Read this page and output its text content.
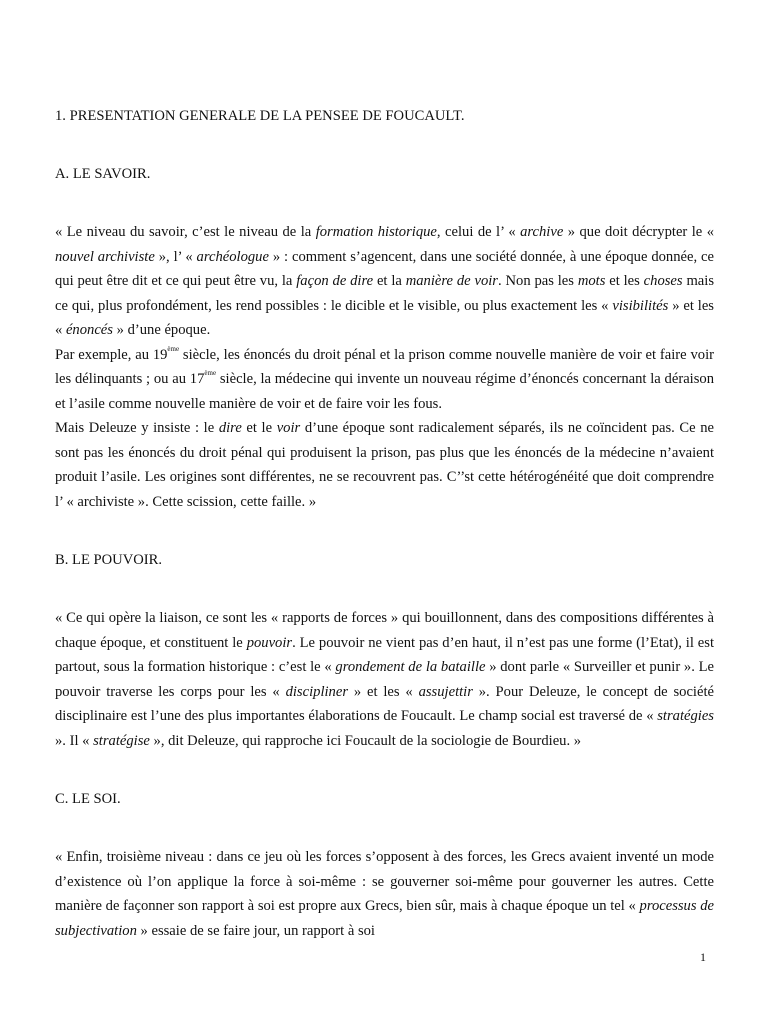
1. PRESENTATION GENERALE DE LA PENSEE DE FOUCAULT.

A. LE SAVOIR.

« Le niveau du savoir, c’est le niveau de la formation historique, celui de l’ « archive » que doit décrypter le « nouvel archiviste », l’ « archéologue » : comment s’agencent, dans une société donnée, à une époque donnée, ce qui peut être dit et ce qui peut être vu, la façon de dire et la manière de voir. Non pas les mots et les choses mais ce qui, plus profondément, les rend possibles : le dicible et le visible, ou plus exactement les « visibilités » et les « énoncés » d’une époque.

Par exemple, au 19ème siècle, les énoncés du droit pénal et la prison comme nouvelle manière de voir et faire voir les délinquants ; ou au 17ème siècle, la médecine qui invente un nouveau régime d’énoncés concernant la déraison et l’asile comme nouvelle manière de voir et de faire voir les fous.

Mais Deleuze y insiste : le dire et le voir d’une époque sont radicalement séparés, ils ne coïncident pas. Ce ne sont pas les énoncés du droit pénal qui produisent la prison, pas plus que les énoncés de la médecine n’avaient produit l’asile. Les origines sont différentes, ne se recouvrent pas. C’’st cette hétérogénéité que doit comprendre l’ « archiviste ». Cette scission, cette faille. »

B. LE POUVOIR.

« Ce qui opère la liaison, ce sont les « rapports de forces » qui bouillonnent, dans des compositions différentes à chaque époque, et constituent le pouvoir. Le pouvoir ne vient pas d’en haut, il n’est pas une forme (l’Etat), il est partout, sous la formation historique : c’est le « grondement de la bataille » dont parle « Surveiller et punir ». Le pouvoir traverse les corps pour les « discipliner » et les « assujettir ». Pour Deleuze, le concept de société disciplinaire est l’une des plus importantes élaborations de Foucault. Le champ social est traversé de « stratégies ». Il « stratégise », dit Deleuze, qui rapproche ici Foucault de la sociologie de Bourdieu. »

C. LE SOI.

« Enfin, troisième niveau : dans ce jeu où les forces s’opposent à des forces, les Grecs avaient inventé un mode d’existence où l’on applique la force à soi-même : se gouverner soi-même pour gouverner les autres. Cette manière de façonner son rapport à soi est propre aux Grecs, bien sûr, mais à chaque époque un tel « processus de subjectivation » essaie de se faire jour, un rapport à soi

1
